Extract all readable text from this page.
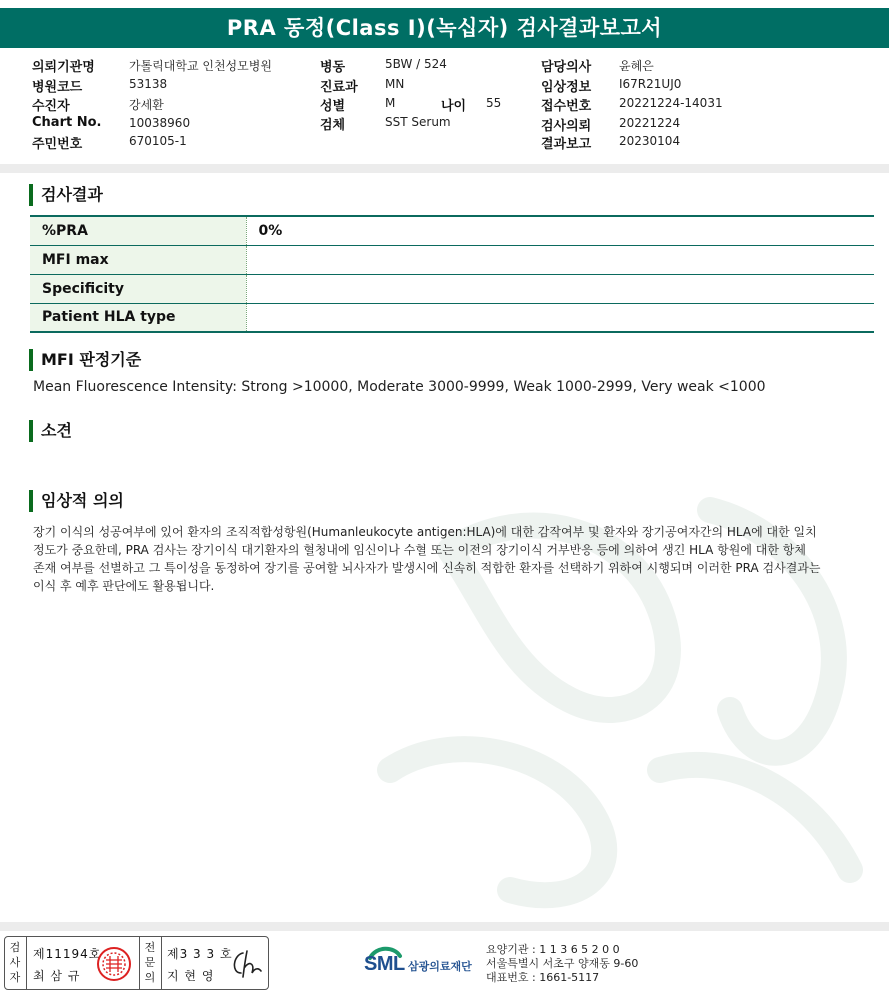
PRA 동정(Class I)(녹십자) 검사결과보고서
의뢰기관명	가톨릭대학교 인천성모병원
병원코드	53138
수진자	강세환
Chart No. 10038960
주민번호	670105-1
병동	5BW / 524
진료과 MN
성별	M	나이 55
검체	SST Serum
담당의사 윤혜은
임상정보 I67R21UJ0
접수번호 20221224-14031
검사의뢰 20221224
결과보고 20230104
검사결과
%PRA	0%
MFI max	
Specificity	
Patient HLA type	
MFI 판정기준
Mean Fluorescence Intensity: Strong >10000, Moderate 3000-9999, Weak 1000-2999, Very weak <1000
소견
임상적 의의
장기 이식의 성공여부에 있어 환자의 조직적합성항원(Humanleukocyte antigen:HLA)에 대한 감작여부 및 환자와 장기공여자간의 HLA에 대한 일치
정도가 중요한데, PRA 검사는 장기이식 대기환자의 혈청내에 임신이나 수혈 또는 이전의 장기이식 거부반응 등에 의하여 생긴 HLA 항원에 대한 항체
존재 여부를 선별하고 그 특이성을 동정하여 장기를 공여할 뇌사자가 발생시에 신속히 적합한 환자를 선택하기 위하여 시행되며 이러한 PRA 검사결과는
이식 후 예후 판단에도 활용됩니다.
검사자
제11194호
최 삼 규
전문의
제3 3 3 호
지 현 영
SML 삼광의료재단
요양기관 : 1 1 3 6 5 2 0 0
서울특별시 서초구 양재동 9-60
대표번호 : 1661-5117
